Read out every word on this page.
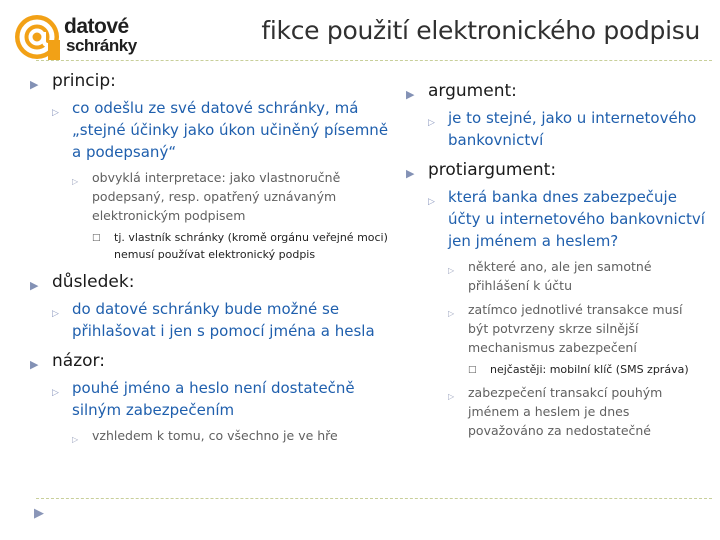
datové
schránky
fikce použití elektronického podpisu
▶ princip:
▷ co odešlu ze své datové schránky, má „stejné účinky jako úkon učiněný písemně a podepsaný“
▷ obvyklá interpretace: jako vlastnoručně podepsaný, resp. opatřený uznávaným elektronickým podpisem
□ tj. vlastník schránky (kromě orgánu veřejné moci) nemusí používat elektronický podpis
▶ důsledek:
▷ do datové schránky bude možné se přihlašovat i jen s pomocí jména a hesla
▶ názor:
▷ pouhé jméno a heslo není dostatečně silným zabezpečením
▷ vzhledem k tomu, co všechno je ve hře
▶ argument:
▷ je to stejné, jako u internetového bankovnictví
▶ protiargument:
▷ která banka dnes zabezpečuje účty u internetového bankovnictví jen jménem a heslem?
▷ některé ano, ale jen samotné přihlášení k účtu
▷ zatímco jednotlivé transakce musí být potvrzeny skrze silnější mechanismus zabezpečení
□ nejčastěji: mobilní klíč (SMS zpráva)
▷ zabezpečení transakcí pouhým jménem a heslem je dnes považováno za nedostatečné
▶
